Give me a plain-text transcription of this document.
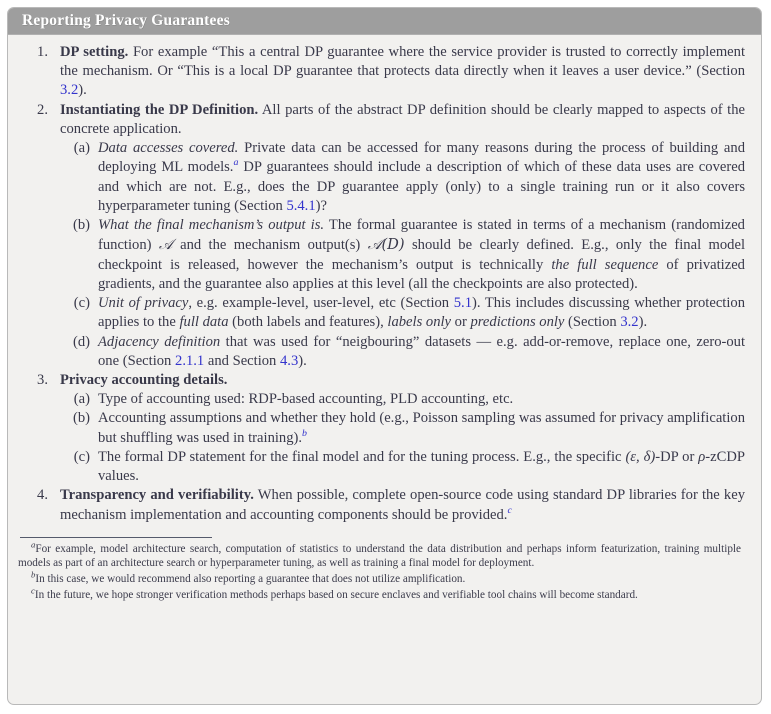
Reporting Privacy Guarantees
1. DP setting. For example “This a central DP guarantee where the service provider is trusted to correctly implement the mechanism. Or “This is a local DP guarantee that protects data directly when it leaves a user device.” (Section 3.2).

2. Instantiating the DP Definition. All parts of the abstract DP definition should be clearly mapped to aspects of the concrete application.

(a) Data accesses covered. Private data can be accessed for many reasons during the process of building and deploying ML models.$^a$ DP guarantees should include a description of which of these data uses are covered and which are not. E.g., does the DP guarantee apply (only) to a single training run or it also covers hyperparameter tuning (Section 5.4.1)?

(b) What the final mechanism’s output is. The formal guarantee is stated in terms of a mechanism (randomized function) 𝒜 and the mechanism output(s) 𝒜(D) should be clearly defined. E.g., only the final model checkpoint is released, however the mechanism’s output is technically the full sequence of privatized gradients, and the guarantee also applies at this level (all the checkpoints are also protected).

(c) Unit of privacy, e.g. example-level, user-level, etc (Section 5.1). This includes discussing whether protection applies to the full data (both labels and features), labels only or predictions only (Section 3.2).

(d) Adjacency definition that was used for “neigbouring” datasets — e.g. add-or-remove, replace one, zero-out one (Section 2.1.1 and Section 4.3).

3. Privacy accounting details.

(a) Type of accounting used: RDP-based accounting, PLD accounting, etc.

(b) Accounting assumptions and whether they hold (e.g., Poisson sampling was assumed for privacy amplification but shuffling was used in training).$^b$

(c) The formal DP statement for the final model and for the tuning process. E.g., the specific (ε, δ)-DP or ρ-zCDP values.

4. Transparency and verifiability. When possible, complete open-source code using standard DP libraries for the key mechanism implementation and accounting components should be provided.$^c$

$^a$For example, model architecture search, computation of statistics to understand the data distribution and perhaps inform featurization, training multiple models as part of an architecture search or hyperparameter tuning, as well as training a final model for deployment.

$^b$In this case, we would recommend also reporting a guarantee that does not utilize amplification.

$^c$In the future, we hope stronger verification methods perhaps based on secure enclaves and verifiable tool chains will become standard.
